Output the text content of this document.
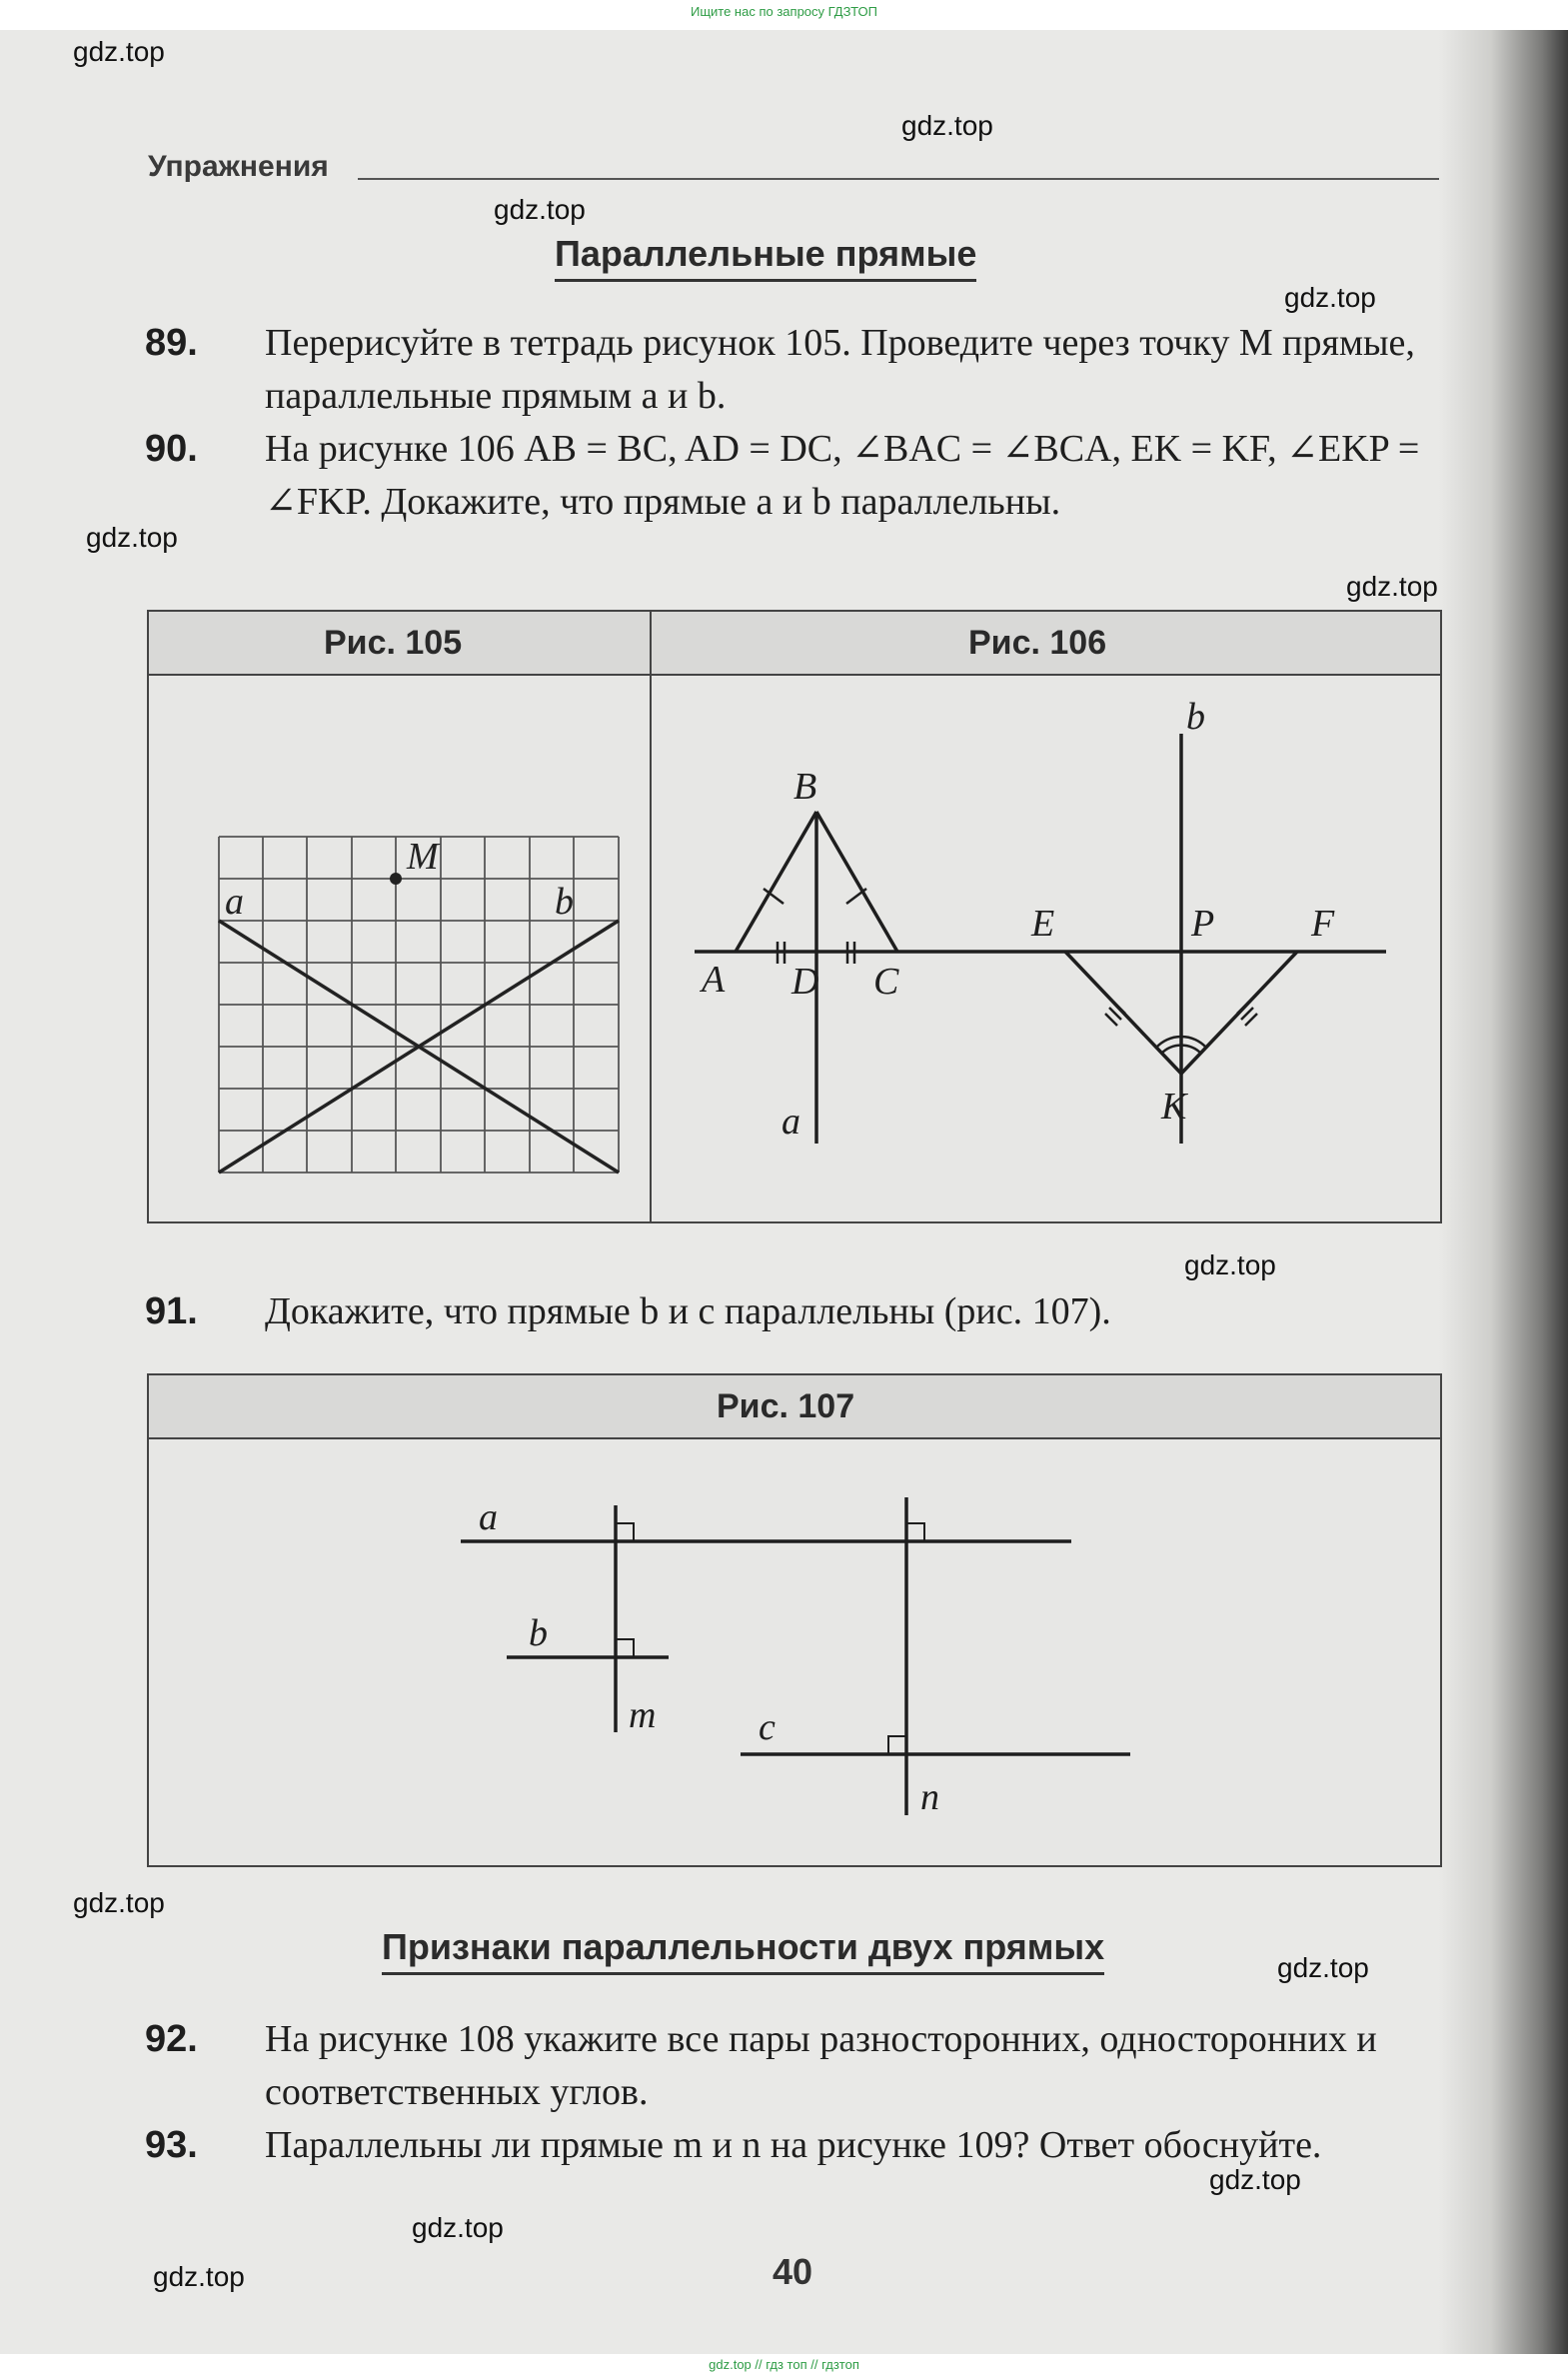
Ищите нас по запросу ГДЗТОП
gdz.top
gdz.top
gdz.top
gdz.top
gdz.top
gdz.top
gdz.top
gdz.top
gdz.top
gdz.top
gdz.top
gdz.top
Упражнения
Параллельные прямые
89. Перерисуйте в тетрадь рисунок 105. Проведите через точку M прямые, параллельные прямым a и b.
90. На рисунке 106 AB = BC, AD = DC, ∠BAC = ∠BCA, EK = KF, ∠EKP = ∠FKP. Докажите, что прямые a и b параллельны.
Рис. 105	Рис. 106
M
a	b
B
A D C
a
b
E	P	F
K
91. Докажите, что прямые b и c параллельны (рис. 107).
Рис. 107
a
b
m	c
n
Признаки параллельности двух прямых
92. На рисунке 108 укажите все пары разносторонних, односторонних и соответственных углов.
93. Параллельны ли прямые m и n на рисунке 109? Ответ обоснуйте.
40
gdz.top // гдз топ // гдзтоп
